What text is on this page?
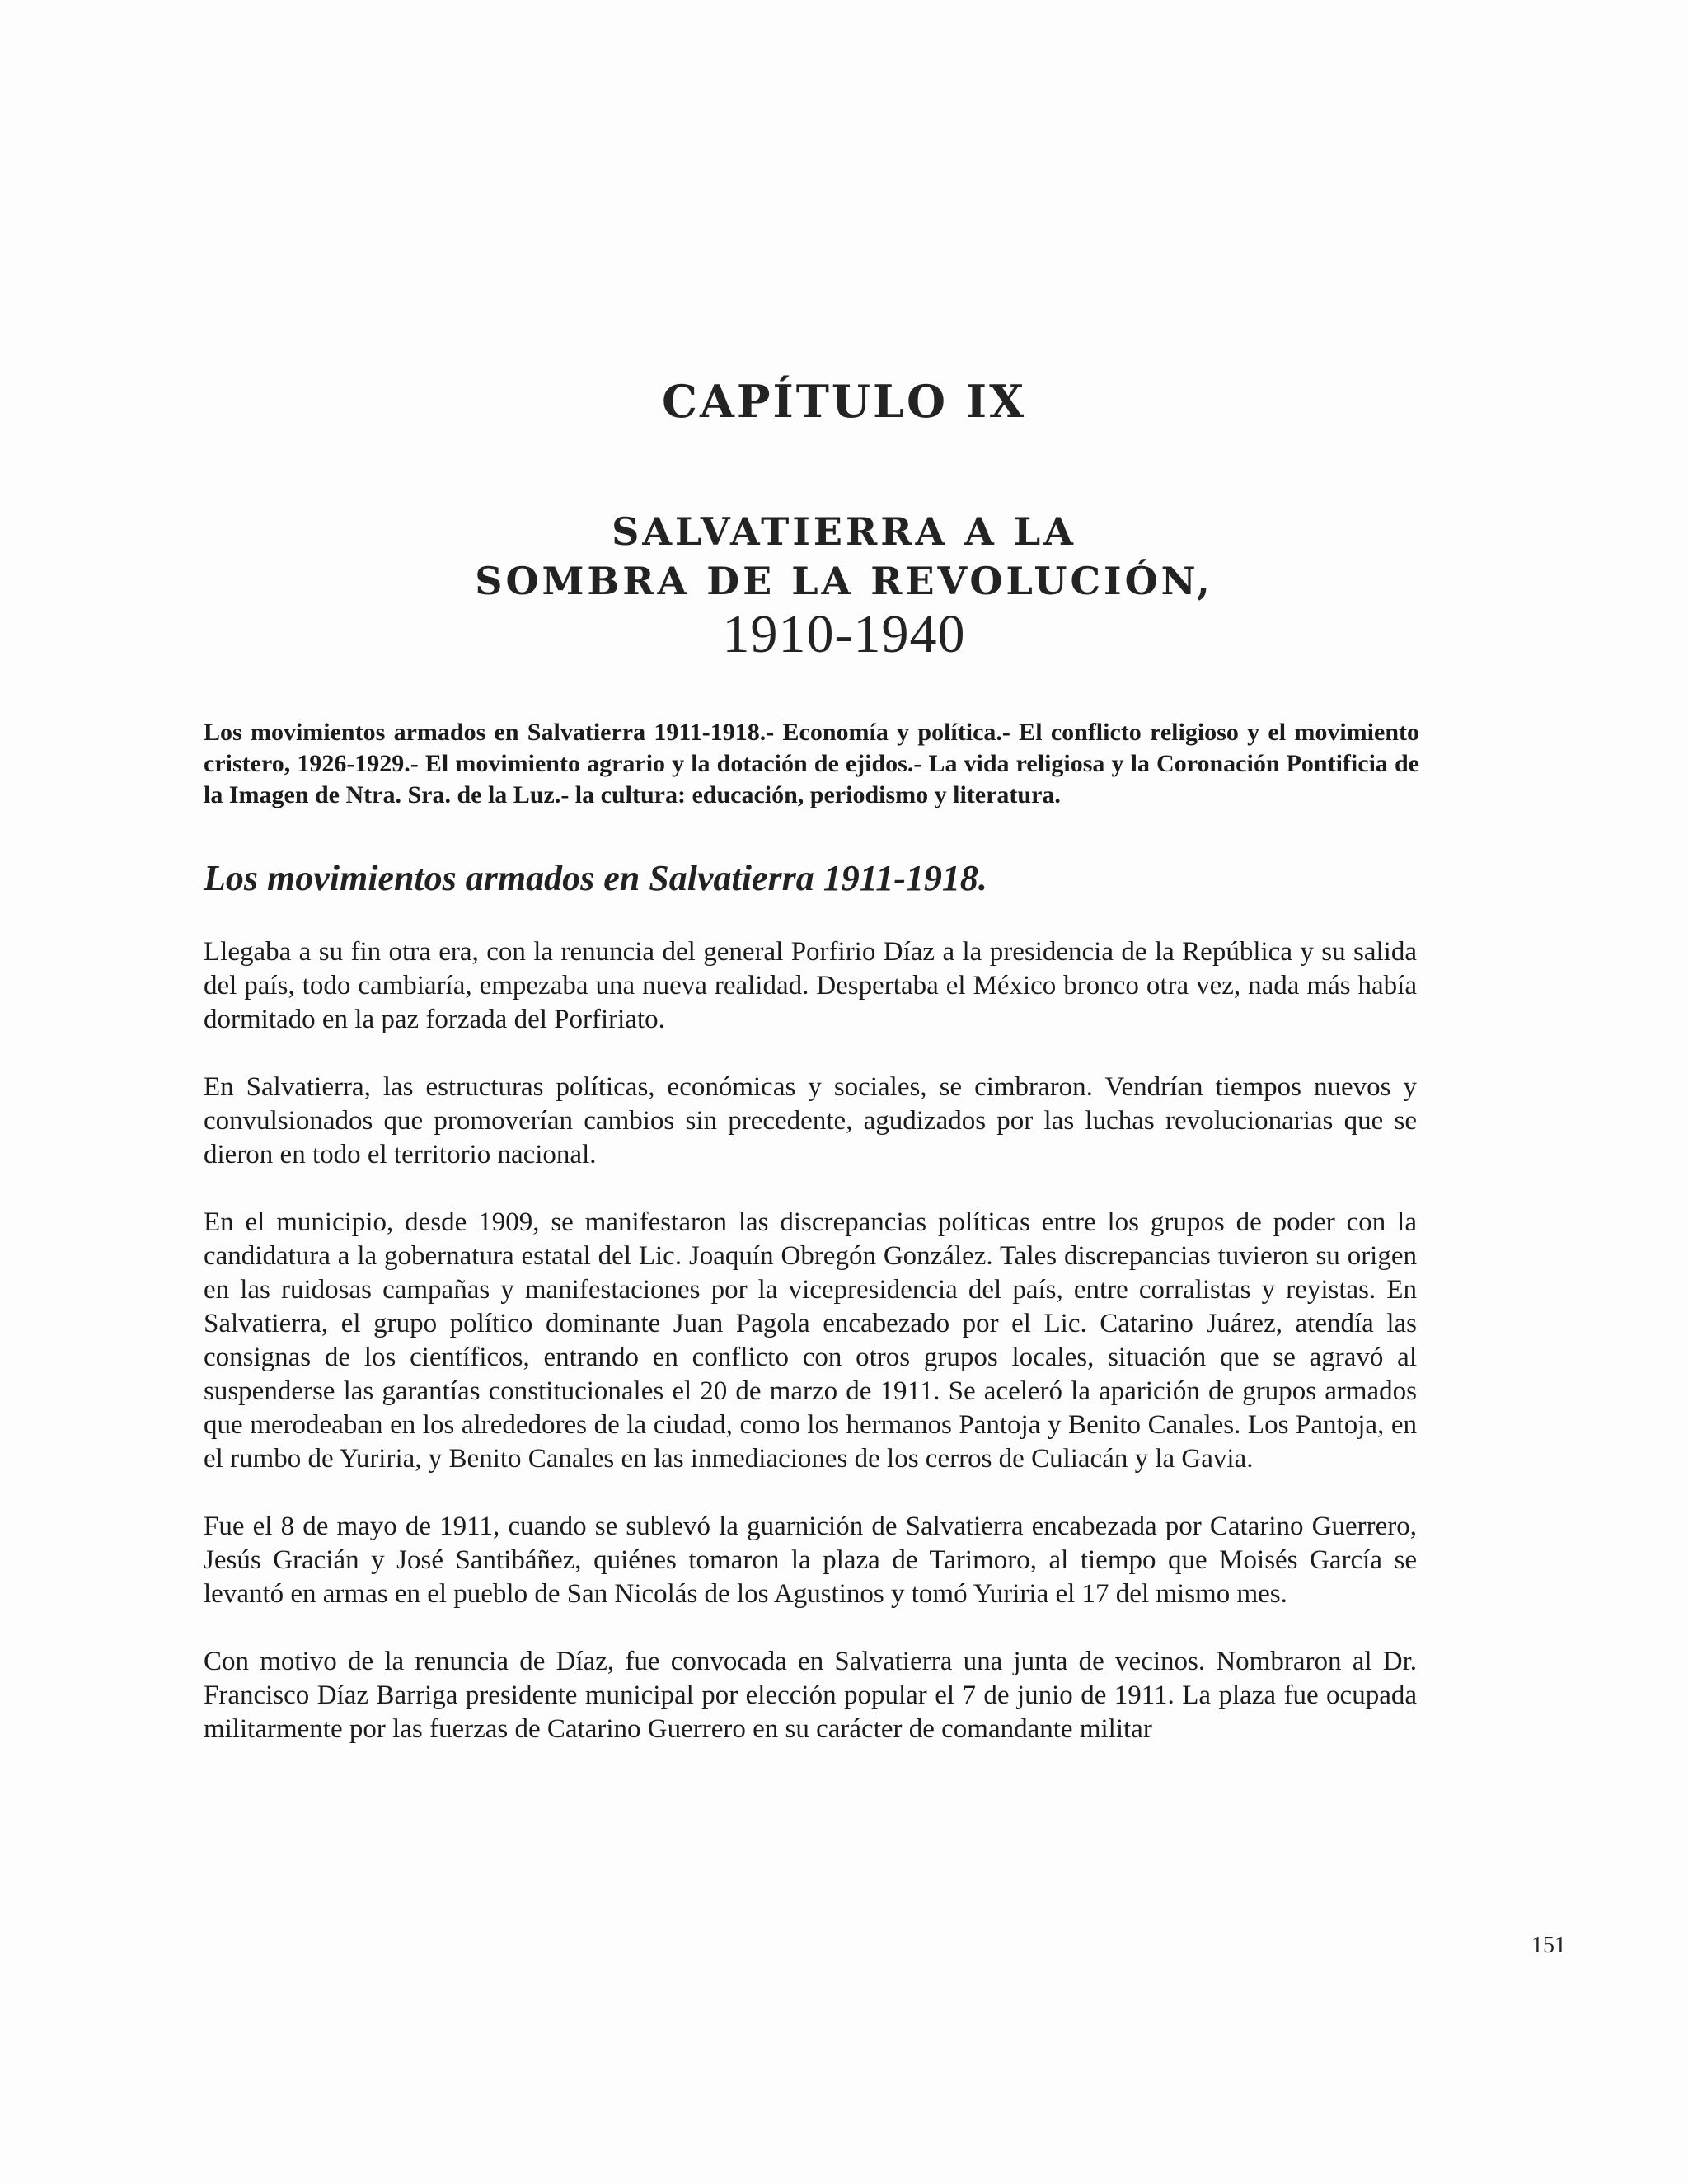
CAPÍTULO IX
SALVATIERRA A LA
SOMBRA DE LA REVOLUCIÓN,
1910-1940
Los movimientos armados en Salvatierra 1911-1918.- Economía y política.- El conflicto religioso y el movimiento cristero, 1926-1929.- El movimiento agrario y la dotación de ejidos.- La vida religiosa y la Coronación Pontificia de la Imagen de Ntra. Sra. de la Luz.- la cultura: educación, periodismo y literatura.
Los movimientos armados en Salvatierra 1911-1918.

Llegaba a su fin otra era, con la renuncia del general Porfirio Díaz a la presidencia de la República y su salida del país, todo cambiaría, empezaba una nueva realidad. Despertaba el México bronco otra vez, nada más había dormitado en la paz forzada del Porfiriato.

En Salvatierra, las estructuras políticas, económicas y sociales, se cimbraron. Vendrían tiempos nuevos y convulsionados que promoverían cambios sin precedente, agudizados por las luchas revolucionarias que se dieron en todo el territorio nacional.

En el municipio, desde 1909, se manifestaron las discrepancias políticas entre los grupos de poder con la candidatura a la gobernatura estatal del Lic. Joaquín Obregón González. Tales discrepancias tuvieron su origen en las ruidosas campañas y manifestaciones por la vicepresidencia del país, entre corralistas y reyistas. En Salvatierra, el grupo político dominante Juan Pagola encabezado por el Lic. Catarino Juárez, atendía las consignas de los científicos, entrando en conflicto con otros grupos locales, situación que se agravó al suspenderse las garantías constitucionales el 20 de marzo de 1911. Se aceleró la aparición de grupos armados que merodeaban en los alrededores de la ciudad, como los hermanos Pantoja y Benito Canales. Los Pantoja, en el rumbo de Yuriria, y Benito Canales en las inmediaciones de los cerros de Culiacán y la Gavia.

Fue el 8 de mayo de 1911, cuando se sublevó la guarnición de Salvatierra encabezada por Catarino Guerrero, Jesús Gracián y José Santibáñez, quiénes tomaron la plaza de Tarimoro, al tiempo que Moisés García se levantó en armas en el pueblo de San Nicolás de los Agustinos y tomó Yuriria el 17 del mismo mes.

Con motivo de la renuncia de Díaz, fue convocada en Salvatierra una junta de vecinos. Nombraron al Dr. Francisco Díaz Barriga presidente municipal por elección popular el 7 de junio de 1911. La plaza fue ocupada militarmente por las fuerzas de Catarino Guerrero en su carácter de comandante militar

151
